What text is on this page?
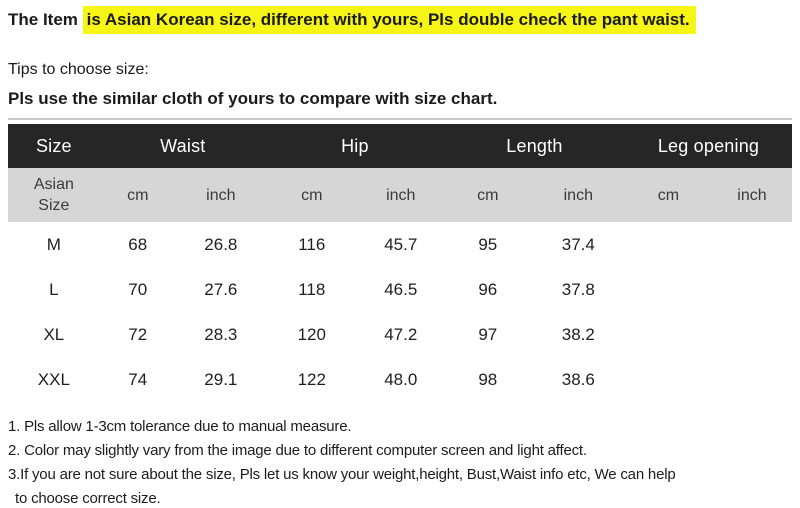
The Item is Asian Korean size, different with yours, Pls double check the pant waist.

Tips to choose size:

Pls use the similar cloth of yours to compare with size chart.

Size	Waist		Hip		Length		Leg opening	
Asian Size	cm	inch	cm	inch	cm	inch	cm	inch
M	68	26.8	116	45.7	95	37.4		
L	70	27.6	118	46.5	96	37.8		
XL	72	28.3	120	47.2	97	38.2		
XXL	74	29.1	122	48.0	98	38.6		

1. Pls allow 1-3cm tolerance due to manual measure.

2. Color may slightly vary from the image due to different computer screen and light affect.

3.If you are not sure about the size, Pls let us know your weight,height, Bust,Waist info etc, We can help

to choose correct size.
